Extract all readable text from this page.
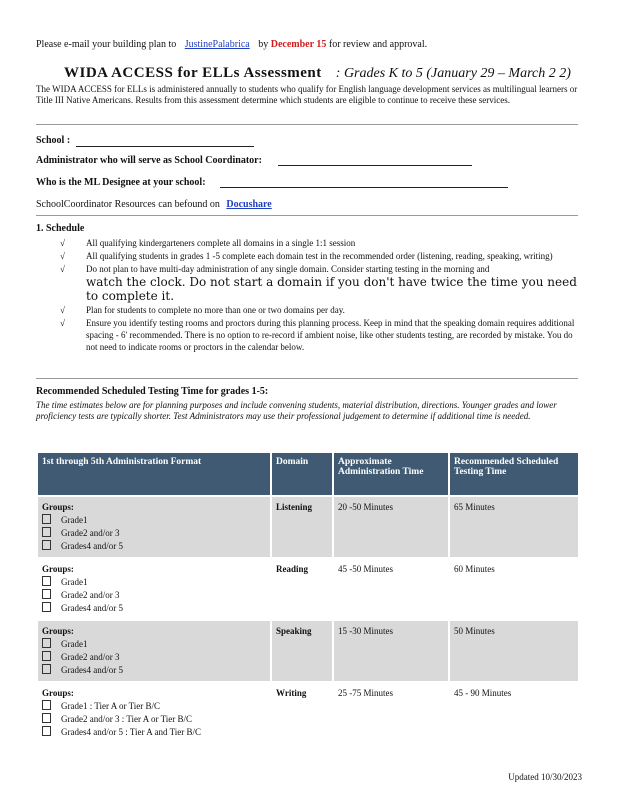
Please e-mail your building plan to JustinePalabrica by December 15 for review and approval.
WIDA ACCESS for ELLs Assessment : Grades K to 5 (January 29 – March 2 2)
The WIDA ACCESS for ELLs is administered annually to students who qualify for English language development services as multilingual learners or Title III Native Americans. Results from this assessment determine which students are eligible to continue to receive these services.
School :
Administrator who will serve as School Coordinator:
Who is the ML Designee at your school:
SchoolCoordinator Resources can befound on Docushare
1. Schedule
√ All qualifying kindergarteners complete all domains in a single 1:1 session
√ All qualifying students in grades 1 -5 complete each domain test in the recommended order (listening, reading, speaking, writing)
√ Do not plan to have multi-day administration of any single domain. Consider starting testing in the morning and
watch the clock. Do not start a domain if you don't have twice the time you need to complete it.
√ Plan for students to complete no more than one or two domains per day.
√ Ensure you identify testing rooms and proctors during this planning process. Keep in mind that the speaking domain requires additional spacing - 6' recommended. There is no option to re-record if ambient noise, like other students testing, are recorded by mistake. You do not need to indicate rooms or proctors in the calendar below.
Recommended Scheduled Testing Time for grades 1-5:
The time estimates below are for planning purposes and include convening students, material distribution, directions. Younger grades and lower proficiency tests are typically shorter. Test Administrators may use their professional judgement to determine if additional time is needed.
1st through 5th Administration Format	Domain	Approximate Administration Time	Recommended Scheduled Testing Time

Groups:
Grade1
Grade2 and/or 3
Grades4 and/or 5	Listening	20 -50 Minutes	65 Minutes

Groups:
Grade1
Grade2 and/or 3
Grades4 and/or 5	Reading	45 -50 Minutes	60 Minutes

Groups:
Grade1
Grade2 and/or 3
Grades4 and/or 5	Speaking	15 -30 Minutes	50 Minutes

Groups:
Grade1 : Tier A or Tier B/C
Grade2 and/or 3 : Tier A or Tier B/C
Grades4 and/or 5 : Tier A and Tier B/C	Writing	25 -75 Minutes	45 - 90 Minutes
Updated 10/30/2023
